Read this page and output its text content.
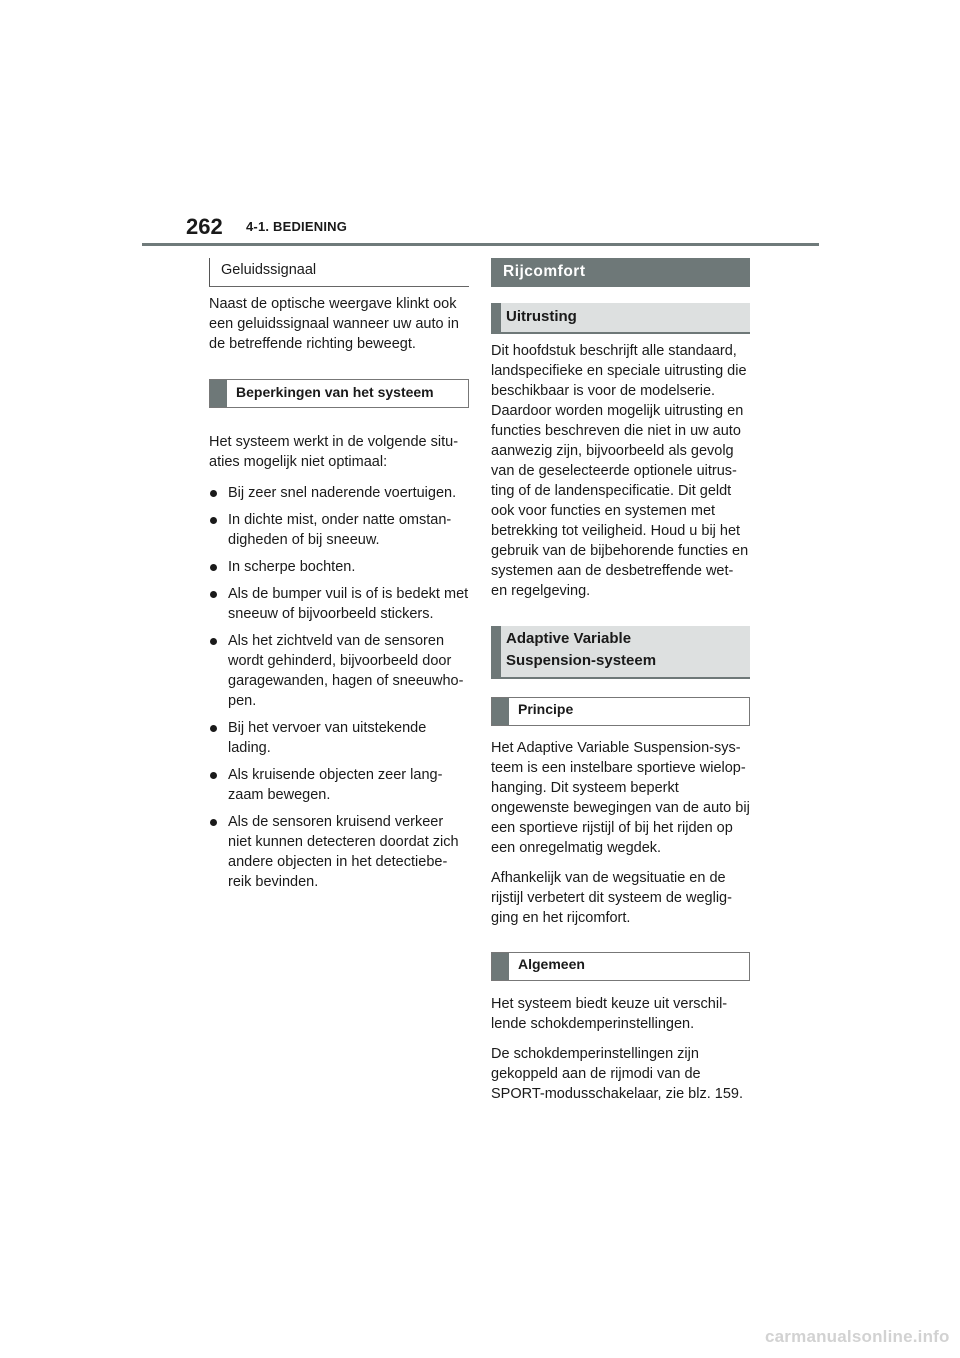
262 4-1. BEDIENING
Geluidssignaal

Naast de optische weergave klinkt ook een geluidssignaal wanneer uw auto in de betreffende richting beweegt.

Beperkingen van het systeem

Het systeem werkt in de volgende situ-aties mogelijk niet optimaal:

Bij zeer snel naderende voertuigen.
In dichte mist, onder natte omstan-digheden of bij sneeuw.
In scherpe bochten.
Als de bumper vuil is of is bedekt met sneeuw of bijvoorbeeld stickers.
Als het zichtveld van de sensoren wordt gehinderd, bijvoorbeeld door garagewanden, hagen of sneeuwho-pen.
Bij het vervoer van uitstekende lading.
Als kruisende objecten zeer lang-zaam bewegen.
Als de sensoren kruisend verkeer niet kunnen detecteren doordat zich andere objecten in het detectiebe-reik bevinden.
Rijcomfort
Uitrusting

Dit hoofdstuk beschrijft alle standaard, landspecifieke en speciale uitrusting die beschikbaar is voor de modelserie. Daardoor worden mogelijk uitrusting en functies beschreven die niet in uw auto aanwezig zijn, bijvoorbeeld als gevolg van de geselecteerde optionele uitrus-ting of de landenspecificatie. Dit geldt ook voor functies en systemen met betrekking tot veiligheid. Houd u bij het gebruik van de bijbehorende functies en systemen aan de desbetreffende wet- en regelgeving.

Adaptive Variable
Suspension-systeem
Principe

Het Adaptive Variable Suspension-sys-teem is een instelbare sportieve wielop-hanging. Dit systeem beperkt ongewenste bewegingen van de auto bij een sportieve rijstijl of bij het rijden op een onregelmatig wegdek.

Afhankelijk van de wegsituatie en de rijstijl verbetert dit systeem de weglig-ging en het rijcomfort.

Algemeen

Het systeem biedt keuze uit verschil-lende schokdemperinstellingen.

De schokdemperinstellingen zijn gekoppeld aan de rijmodi van de SPORT-modusschakelaar, zie blz. 159.

carmanualsonline.info
